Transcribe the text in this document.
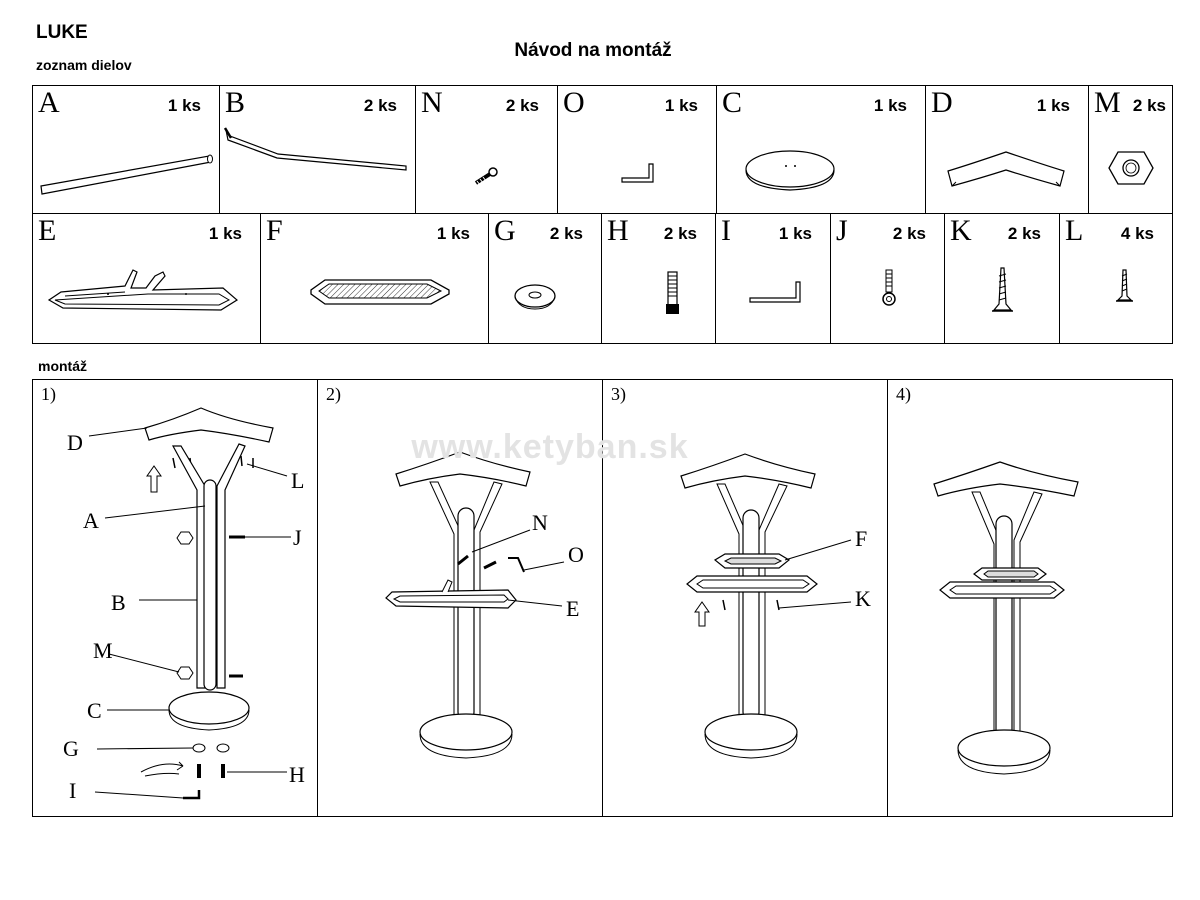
LUKE
Návod na montáž
zoznam dielov
montáž
A	1 ks B	2 ks N	2 ks O	1 ks C	1 ks D	1 ks M 2 ks
E	1 ks F	1 ks G 2 ks H 2 ks I	1 ks J	2 ks K 2 ks L 4 ks
1)
D
L
A
J
B
M
C
G
H
I
2)
N
O
E
3)
F
K
4)
www.ketyban.sk
